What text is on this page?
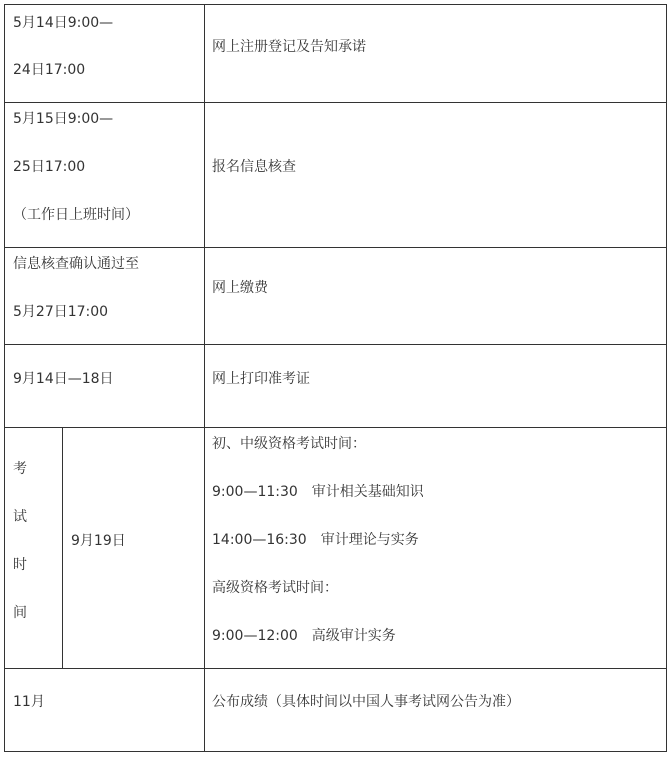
5月14日9:00—
24日17:00
网上注册登记及告知承诺
5月15日9:00—
25日17:00
（工作日上班时间）
报名信息核查
信息核查确认通过至
5月27日17:00
网上缴费
9月14日—18日	网上打印准考证
考
试
时
间
9月19日
初、中级资格考试时间：
9:00—11:30　审计相关基础知识
14:00—16:30　审计理论与实务
高级资格考试时间：
9:00—12:00　高级审计实务
11月	公布成绩（具体时间以中国人事考试网公告为准）
